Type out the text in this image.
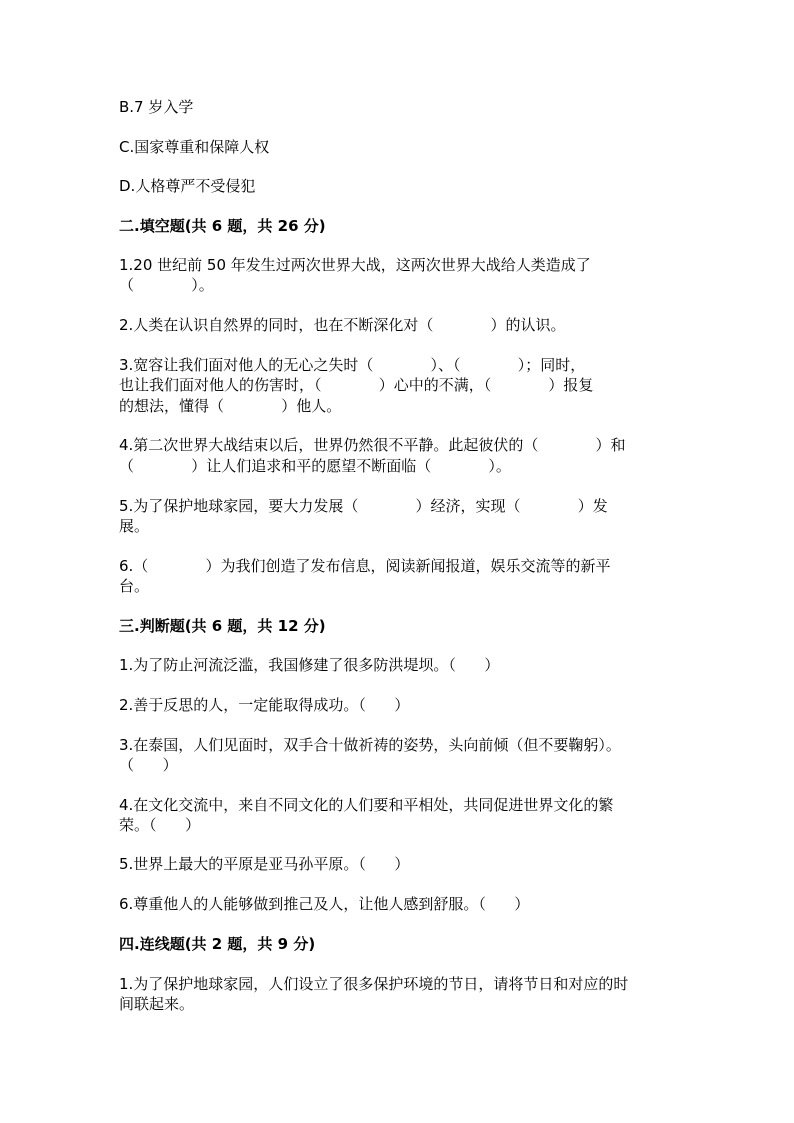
B.7 岁入学
C.国家尊重和保障人权
D.人格尊严不受侵犯
二.填空题(共 6 题，共 26 分)
1.20 世纪前 50 年发生过两次世界大战，这两次世界大战给人类造成了
（            ）。
2.人类在认识自然界的同时，也在不断深化对（            ）的认识。
3.宽容让我们面对他人的无心之失时（            ）、（            ）；同时，
也让我们面对他人的伤害时，（            ）心中的不满，（            ）报复
的想法，懂得（            ）他人。
4.第二次世界大战结束以后，世界仍然很不平静。此起彼伏的（            ）和
（            ）让人们追求和平的愿望不断面临（            ）。
5.为了保护地球家园，要大力发展（            ）经济，实现（            ）发
展。
6.（            ）为我们创造了发布信息，阅读新闻报道，娱乐交流等的新平
台。
三.判断题(共 6 题，共 12 分)
1.为了防止河流泛滥，我国修建了很多防洪堤坝。（      ）
2.善于反思的人，一定能取得成功。（      ）
3.在泰国，人们见面时，双手合十做祈祷的姿势，头向前倾（但不要鞠躬）。
（      ）
4.在文化交流中，来自不同文化的人们要和平相处，共同促进世界文化的繁
荣。（      ）
5.世界上最大的平原是亚马孙平原。（      ）
6.尊重他人的人能够做到推己及人，让他人感到舒服。（      ）
四.连线题(共 2 题，共 9 分)
1.为了保护地球家园，人们设立了很多保护环境的节日，请将节日和对应的时
间联起来。
